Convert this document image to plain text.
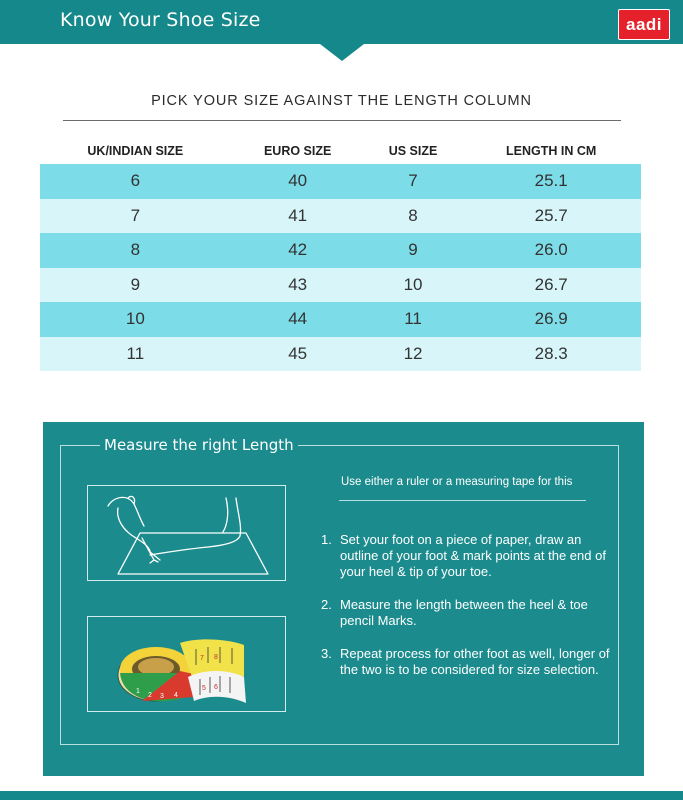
Know Your Shoe Size	aadi
PICK YOUR SIZE AGAINST THE LENGTH COLUMN
UK/INDIAN SIZE	EURO SIZE	US SIZE	LENGTH IN CM
6	40	7	25.1
7	41	8	25.7
8	42	9	26.0
9	43	10	26.7
10	44	11	26.9
11	45	12	28.3
Measure the right Length
1
2 3 4
5 6
7 8
Use either a ruler or a measuring tape for this
1. Set your foot on a piece of paper, draw an outline of your foot & mark points at the end of your heel & tip of your toe.
2. Measure the length between the heel & toe pencil Marks.
3. Repeat process for other foot as well, longer of the two is to be considered for size selection.
